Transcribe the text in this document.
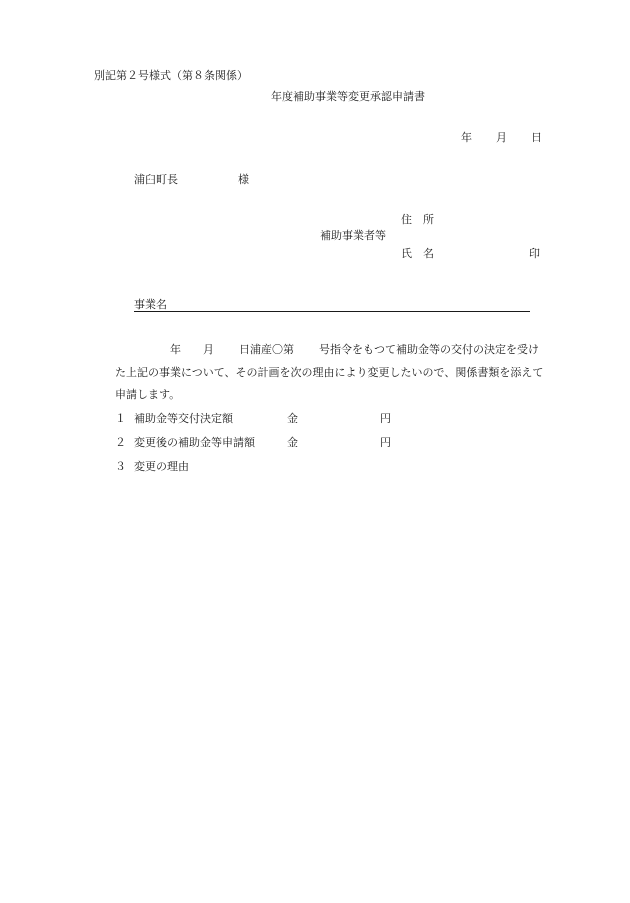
別記第２号様式（第８条関係）
年度補助事業等変更承認申請書
年 月 日
浦臼町長	様
住　所
補助事業者等
氏　名	印
事業名
年 月 日浦産〇第 号指令をもつて補助金等の交付の決定を受け
た上記の事業について、その計画を次の理由により変更したいので、関係書類を添えて
申請します。
１ 補助金等交付決定額	金	円
２ 変更後の補助金等申請額	金	円
３ 変更の理由
